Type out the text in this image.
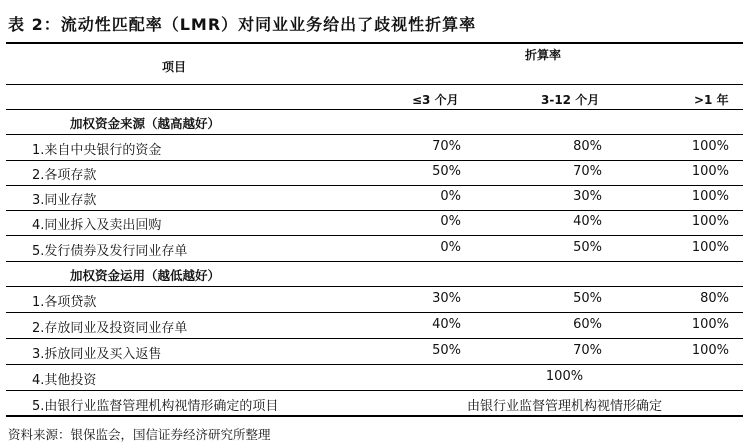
表 2：流动性匹配率（LMR）对同业业务给出了歧视性折算率
项目
折算率
≤3 个月	3-12 个月	>1 年
加权资金来源（越高越好）
1.来自中央银行的资金	70%	80%	100%
2.各项存款	50%	70%	100%
3.同业存款	0%	30%	100%
4.同业拆入及卖出回购	0%	40%	100%
5.发行债券及发行同业存单	0%	50%	100%
加权资金运用（越低越好）
1.各项贷款	30%	50%	80%
2.存放同业及投资同业存单	40%	60%	100%
3.拆放同业及买入返售	50%	70%	100%
4.其他投资	100%
5.由银行业监督管理机构视情形确定的项目	由银行业监督管理机构视情形确定
资料来源：银保监会，国信证券经济研究所整理
